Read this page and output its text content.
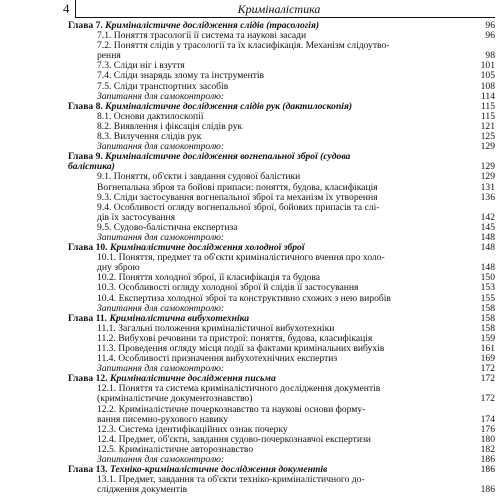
4	Криміналістика
Глава 7. Криміналістичне дослідження слідів (трасологія)	96
7.1. Поняття трасології її система та наукові засади	96
7.2. Поняття слідів у трасології та їх класифікація. Механізм слідоутво-
рення	98
7.3. Сліди ніг і взуття	101
7.4. Сліди знарядь злому та інструментів	105
7.5. Сліди транспортних засобів	108
Запитання для самоконтролю:	114
Глава 8. Криміналістичне дослідження слідів рук (дактилоскопія)	115
8.1. Основи дактилоскопії	115
8.2. Виявлення і фіксація слідів рук	121
8.3. Вилучення слідів рук	125
Запитання для самоконтролю:	129
Глава 9. Криміналістичне дослідження вогнепальної зброї (судова
балістика)	129
9.1. Поняття, об'єкти і завдання судової балістики	129
Вогнепальна зброя та бойові припаси: поняття, будова, класифікація	131
9.3. Сліди застосування вогнепальної зброї та механізм їх утворення	136
9.4. Особливості огляду вогнепальної зброї, бойових припасів та слі-
дів їх застосування	142
9.5. Судово-балістична експертиза	145
Запитання для самоконтролю:	148
Глава 10. Криміналістичне дослідження холодної зброї	148
10.1. Поняття, предмет та об'єкти криміналістичного вчення про холо-
дну зброю	148
10.2. Поняття холодної зброї, її класифікація та будова	150
10.3. Особливості огляду холодної зброї й слідів її застосування	153
10.4. Експертиза холодної зброї та конструктивно схожих з нею виробів	155
Запитання для самоконтролю:	158
Глава 11. Криміналістична вибухотехніка	158
11.1. Загальні положення криміналістичної вибухотехніки	158
11.2. Вибухові речовини та пристрої: поняття, будова, класифікація	159
11.3. Проведення огляду місця події за фактами кримінальних вибухів	161
11.4. Особливості призначення вибухотехнічних експертиз	169
Запитання для самоконтролю:	172
Глава 12. Криміналістичне дослідження письма	172
12.1. Поняття та система криміналістичного дослідження документів
(криміналістичне документознавство)	172
12.2. Криміналістичне почеркознавство та наукові основи форму-
вання писемно-рухового навику	174
12.3. Система ідентифікаційних ознак почерку	176
12.4. Предмет, об'єкти, завдання судово-почеркознавчої експертизи	180
12.5. Криміналістичне авторознавство	182
Запитання для самоконтролю:	186
Глава 13. Техніко-криміналістичне дослідження документів	186
13.1. Предмет, завдання та об'єкти техніко-криміналістичного до-
слідження документів	186
